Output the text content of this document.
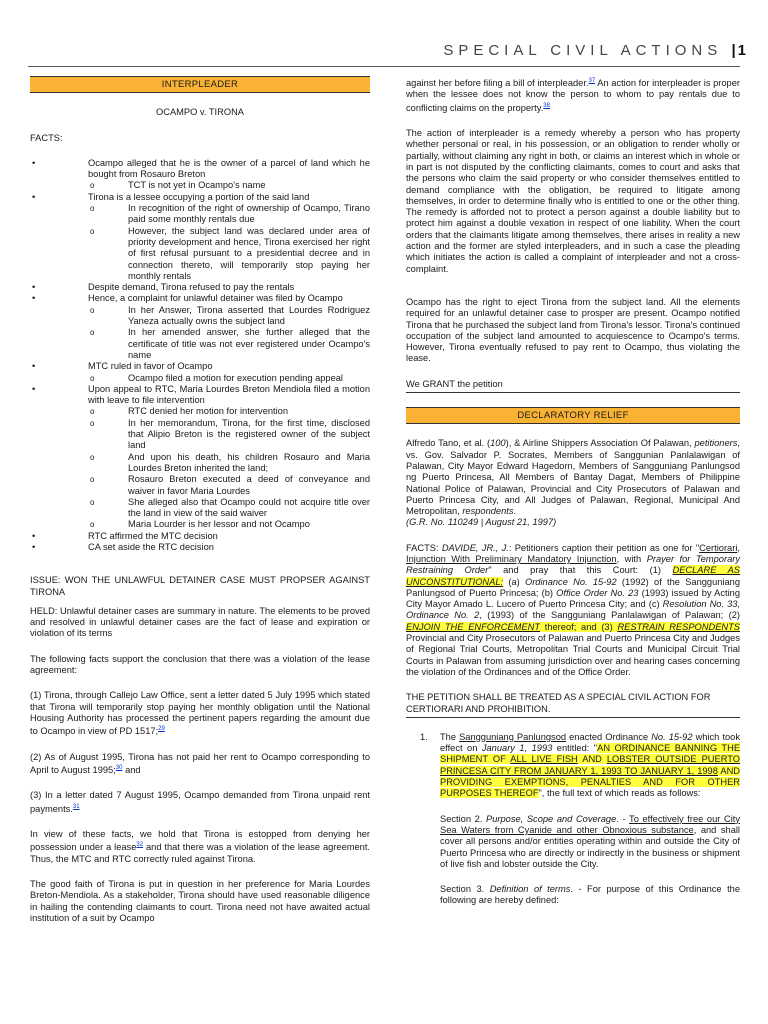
SPECIAL CIVIL ACTIONS |1
INTERPLEADER

OCAMPO v. TIRONA

FACTS:

• Ocampo alleged that he is the owner of a parcel of land which he bought from Rosauro Breton
o TCT is not yet in Ocampo's name
• Tirona is a lessee occupying a portion of the said land
o In recognition of the right of ownership of Ocampo, Tirano paid some monthly rentals due
o However, the subject land was declared under area of priority development and hence, Tirona exercised her right of first refusal pursuant to a presidential decree and in connection thereto, will temporarily stop paying her monthly rentals
• Despite demand, Tirona refused to pay the rentals
• Hence, a complaint for unlawful detainer was filed by Ocampo
o In her Answer, Tirona asserted that Lourdes Rodriguez Yaneza actually owns the subject land
o In her amended answer, she further alleged that the certificate of title was not ever registered under Ocampo's name
• MTC ruled in favor of Ocampo
o Ocampo filed a motion for execution pending appeal
• Upon appeal to RTC, Maria Lourdes Breton Mendiola filed a motion with leave to file intervention
o RTC denied her motion for intervention
o In her memorandum, Tirona, for the first time, disclosed that Alipio Breton is the registered owner of the subject land
o And upon his death, his children Rosauro and Maria Lourdes Breton inherited the land;
o Rosauro Breton executed a deed of conveyance and waiver in favor Maria Lourdes
o She alleged also that Ocampo could not acquire title over the land in view of the said waiver
o Maria Lourder is her lessor and not Ocampo
• RTC affirmed the MTC decision
• CA set aside the RTC decision

ISSUE: WON THE UNLAWFUL DETAINER CASE MUST PROPSER AGAINST TIRONA

HELD: Unlawful detainer cases are summary in nature. The elements to be proved and resolved in unlawful detainer cases are the fact of lease and expiration or violation of its terms

The following facts support the conclusion that there was a violation of the lease agreement:

(1) Tirona, through Callejo Law Office, sent a letter dated 5 July 1995 which stated that Tirona will temporarily stop paying her monthly obligation until the National Housing Authority has processed the pertinent papers regarding the amount due to Ocampo in view of PD 1517;$^{29}$

(2) As of August 1995, Tirona has not paid her rent to Ocampo corresponding to April to August 1995;$^{30}$ and

(3) In a letter dated 7 August 1995, Ocampo demanded from Tirona unpaid rent payments.$^{31}$

In view of these facts, we hold that Tirona is estopped from denying her possession under a lease$^{32}$ and that there was a violation of the lease agreement. Thus, the MTC and RTC correctly ruled against Tirona.

The good faith of Tirona is put in question in her preference for Maria Lourdes Breton-Mendiola. As a stakeholder, Tirona should have used reasonable diligence in hailing the contending claimants to court. Tirona need not have awaited actual institution of a suit by Ocampo

against her before filing a bill of interpleader.$^{37}$ An action for interpleader is proper when the lessee does not know the person to whom to pay rentals due to conflicting claims on the property.$^{38}$

The action of interpleader is a remedy whereby a person who has property whether personal or real, in his possession, or an obligation to render wholly or partially, without claiming any right in both, or claims an interest which in whole or in part is not disputed by the conflicting claimants, comes to court and asks that the persons who claim the said property or who consider themselves entitled to demand compliance with the obligation, be required to litigate among themselves, in order to determine finally who is entitled to one or the other thing. The remedy is afforded not to protect a person against a double liability but to protect him against a double vexation in respect of one liability. When the court orders that the claimants litigate among themselves, there arises in reality a new action and the former are styled interpleaders, and in such a case the pleading which initiates the action is called a complaint of interpleader and not a cross-complaint.

Ocampo has the right to eject Tirona from the subject land. All the elements required for an unlawful detainer case to prosper are present. Ocampo notified Tirona that he purchased the subject land from Tirona's lessor. Tirona's continued occupation of the subject land amounted to acquiescence to Ocampo's terms. However, Tirona eventually refused to pay rent to Ocampo, thus violating the lease.

We GRANT the petition

DECLARATORY RELIEF

Alfredo Tano, et al. (100), & Airline Shippers Association Of Palawan, petitioners, vs. Gov. Salvador P. Socrates, Members of Sanggunian Panlalawigan of Palawan, City Mayor Edward Hagedorn, Members of Sangguniang Panlungsod ng Puerto Princesa, All Members of Bantay Dagat, Members of Philippine National Police of Palawan, Provincial and City Prosecutors of Palawan and Puerto Princesa City, and All Judges of Palawan, Regional, Municipal And Metropolitan, respondents.
(G.R. No. 110249 | August 21, 1997)

FACTS: DAVIDE, JR., J.: Petitioners caption their petition as one for "Certiorari, Injunction With Preliminary Mandatory Injunction, with Prayer for Temporary Restraining Order" and pray that this Court: (1) DECLARE AS UNCONSTITUTIONAL: (a) Ordinance No. 15-92 (1992) of the Sangguniang Panlungsod of Puerto Princesa; (b) Office Order No. 23 (1993) issued by Acting City Mayor Amado L. Lucero of Puerto Princesa City; and (c) Resolution No. 33, Ordinance No. 2, (1993) of the Sangguniang Panlalawigan of Palawan; (2) ENJOIN THE ENFORCEMENT thereof; and (3) RESTRAIN RESPONDENTS Provincial and City Prosecutors of Palawan and Puerto Princesa City and Judges of Regional Trial Courts, Metropolitan Trial Courts and Municipal Circuit Trial Courts in Palawan from assuming jurisdiction over and hearing cases concerning the violation of the Ordinances and of the Office Order.

THE PETITION SHALL BE TREATED AS A SPECIAL CIVIL ACTION FOR CERTIORARI AND PROHIBITION.

1. The Sangguniang Panlungsod enacted Ordinance No. 15-92 which took effect on January 1, 1993 entitled: "AN ORDINANCE BANNING THE SHIPMENT OF ALL LIVE FISH AND LOBSTER OUTSIDE PUERTO PRINCESA CITY FROM JANUARY 1, 1993 TO JANUARY 1, 1998 AND PROVIDING EXEMPTIONS, PENALTIES AND FOR OTHER PURPOSES THEREOF", the full text of which reads as follows:

Section 2. Purpose, Scope and Coverage. - To effectively free our City Sea Waters from Cyanide and other Obnoxious substance, and shall cover all persons and/or entities operating within and outside the City of Puerto Princesa who are directly or indirectly in the business or shipment of live fish and lobster outside the City.

Section 3. Definition of terms. - For purpose of this Ordinance the following are hereby defined:
